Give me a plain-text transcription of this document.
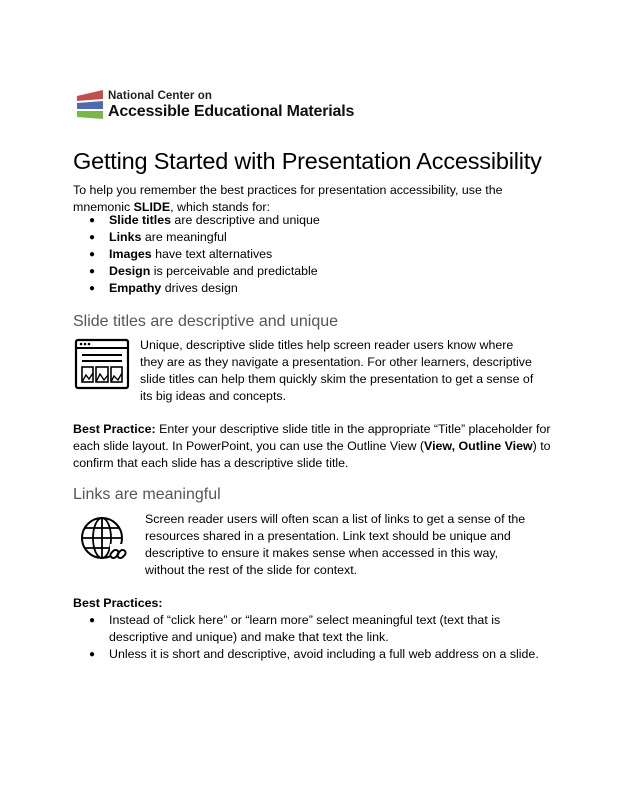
National Center on
Accessible Educational Materials
Getting Started with Presentation Accessibility
To help you remember the best practices for presentation accessibility, use the mnemonic SLIDE, which stands for:
● Slide titles are descriptive and unique
● Links are meaningful
● Images have text alternatives
● Design is perceivable and predictable
● Empathy drives design
Slide titles are descriptive and unique
Unique, descriptive slide titles help screen reader users know where they are as they navigate a presentation. For other learners, descriptive slide titles can help them quickly skim the presentation to get a sense of its big ideas and concepts.
Best Practice: Enter your descriptive slide title in the appropriate “Title” placeholder for each slide layout. In PowerPoint, you can use the Outline View (View, Outline View) to confirm that each slide has a descriptive slide title.
Links are meaningful
Screen reader users will often scan a list of links to get a sense of the resources shared in a presentation. Link text should be unique and descriptive to ensure it makes sense when accessed in this way, without the rest of the slide for context.
Best Practices:
● Instead of “click here” or “learn more” select meaningful text (text that is descriptive and unique) and make that text the link.
● Unless it is short and descriptive, avoid including a full web address on a slide.
